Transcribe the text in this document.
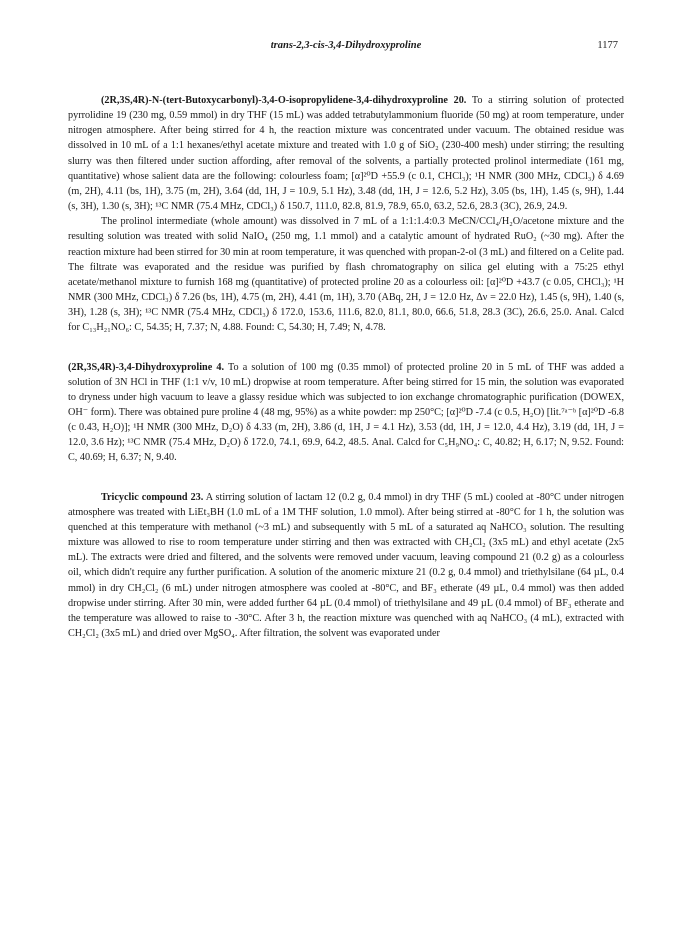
trans-2,3-cis-3,4-Dihydroxyproline	1177

(2R,3S,4R)-N-(tert-Butoxycarbonyl)-3,4-O-isopropylidene-3,4-dihydroxyproline 20. To a stirring solution of protected pyrrolidine 19 (230 mg, 0.59 mmol) in dry THF (15 mL) was added tetrabutylammonium fluoride (50 mg) at room temperature, under nitrogen atmosphere. After being stirred for 4 h, the reaction mixture was concentrated under vacuum. The obtained residue was dissolved in 10 mL of a 1:1 hexanes/ethyl acetate mixture and treated with 1.0 g of SiO₂ (230-400 mesh) under stirring; the resulting slurry was then filtered under suction affording, after removal of the solvents, a partially protected prolinol intermediate (161 mg, quantitative) whose salient data are the following: colourless foam; [α]²⁰D +55.9 (c 0.1, CHCl₃); ¹H NMR (300 MHz, CDCl₃) δ 4.69 (m, 2H), 4.11 (bs, 1H), 3.75 (m, 2H), 3.64 (dd, 1H, J = 10.9, 5.1 Hz), 3.48 (dd, 1H, J = 12.6, 5.2 Hz), 3.05 (bs, 1H), 1.45 (s, 9H), 1.44 (s, 3H), 1.30 (s, 3H); ¹³C NMR (75.4 MHz, CDCl₃) δ 150.7, 111.0, 82.8, 81.9, 78.9, 65.0, 63.2, 52.6, 28.3 (3C), 26.9, 24.9.

The prolinol intermediate (whole amount) was dissolved in 7 mL of a 1:1:1.4:0.3 MeCN/CCl₄/H₂O/acetone mixture and the resulting solution was treated with solid NaIO₄ (250 mg, 1.1 mmol) and a catalytic amount of hydrated RuO₂ (~30 mg). After the reaction mixture had been stirred for 30 min at room temperature, it was quenched with propan-2-ol (3 mL) and filtered on a Celite pad. The filtrate was evaporated and the residue was purified by flash chromatography on silica gel eluting with a 75:25 ethyl acetate/methanol mixture to furnish 168 mg (quantitative) of protected proline 20 as a colourless oil: [α]²⁰D +43.7 (c 0.05, CHCl₃); ¹H NMR (300 MHz, CDCl₃) δ 7.26 (bs, 1H), 4.75 (m, 2H), 4.41 (m, 1H), 3.70 (ABq, 2H, J = 12.0 Hz, Δν = 22.0 Hz), 1.45 (s, 9H), 1.40 (s, 3H), 1.28 (s, 3H); ¹³C NMR (75.4 MHz, CDCl₃) δ 172.0, 153.6, 111.6, 82.0, 81.1, 80.0, 66.6, 51.8, 28.3 (3C), 26.6, 25.0. Anal. Calcd for C₁₃H₂₁NO₆: C, 54.35; H, 7.37; N, 4.88. Found: C, 54.30; H, 7.49; N, 4.78.

(2R,3S,4R)-3,4-Dihydroxyproline 4. To a solution of 100 mg (0.35 mmol) of protected proline 20 in 5 mL of THF was added a solution of 3N HCl in THF (1:1 v/v, 10 mL) dropwise at room temperature. After being stirred for 15 min, the solution was evaporated to dryness under high vacuum to leave a glassy residue which was subjected to ion exchange chromatographic purification (DOWEX, OH⁻ form). There was obtained pure proline 4 (48 mg, 95%) as a white powder: mp 250°C; [α]²⁰D -7.4 (c 0.5, H₂O) [lit.⁷ᵃ⁻ᵇ [α]²⁰D -6.8 (c 0.43, H₂O)]; ¹H NMR (300 MHz, D₂O) δ 4.33 (m, 2H), 3.86 (d, 1H, J = 4.1 Hz), 3.53 (dd, 1H, J = 12.0, 4.4 Hz), 3.19 (dd, 1H, J = 12.0, 3.6 Hz); ¹³C NMR (75.4 MHz, D₂O) δ 172.0, 74.1, 69.9, 64.2, 48.5. Anal. Calcd for C₅H₉NO₄: C, 40.82; H, 6.17; N, 9.52. Found: C, 40.69; H, 6.37; N, 9.40.

Tricyclic compound 23. A stirring solution of lactam 12 (0.2 g, 0.4 mmol) in dry THF (5 mL) cooled at -80°C under nitrogen atmosphere was treated with LiEt₃BH (1.0 mL of a 1M THF solution, 1.0 mmol). After being stirred at -80°C for 1 h, the solution was quenched at this temperature with methanol (~3 mL) and subsequently with 5 mL of a saturated aq NaHCO₃ solution. The resulting mixture was allowed to rise to room temperature under stirring and then was extracted with CH₂Cl₂ (3x5 mL) and ethyl acetate (2x5 mL). The extracts were dried and filtered, and the solvents were removed under vacuum, leaving compound 21 (0.2 g) as a colourless oil, which didn't require any further purification. A solution of the anomeric mixture 21 (0.2 g, 0.4 mmol) and triethylsilane (64 µL, 0.4 mmol) in dry CH₂Cl₂ (6 mL) under nitrogen atmosphere was cooled at -80°C, and BF₃ etherate (49 µL, 0.4 mmol) was then added dropwise under stirring. After 30 min, were added further 64 µL (0.4 mmol) of triethylsilane and 49 µL (0.4 mmol) of BF₃ etherate and the temperature was allowed to raise to -30°C. After 3 h, the reaction mixture was quenched with aq NaHCO₃ (4 mL), extracted with CH₂Cl₂ (3x5 mL) and dried over MgSO₄. After filtration, the solvent was evaporated under
